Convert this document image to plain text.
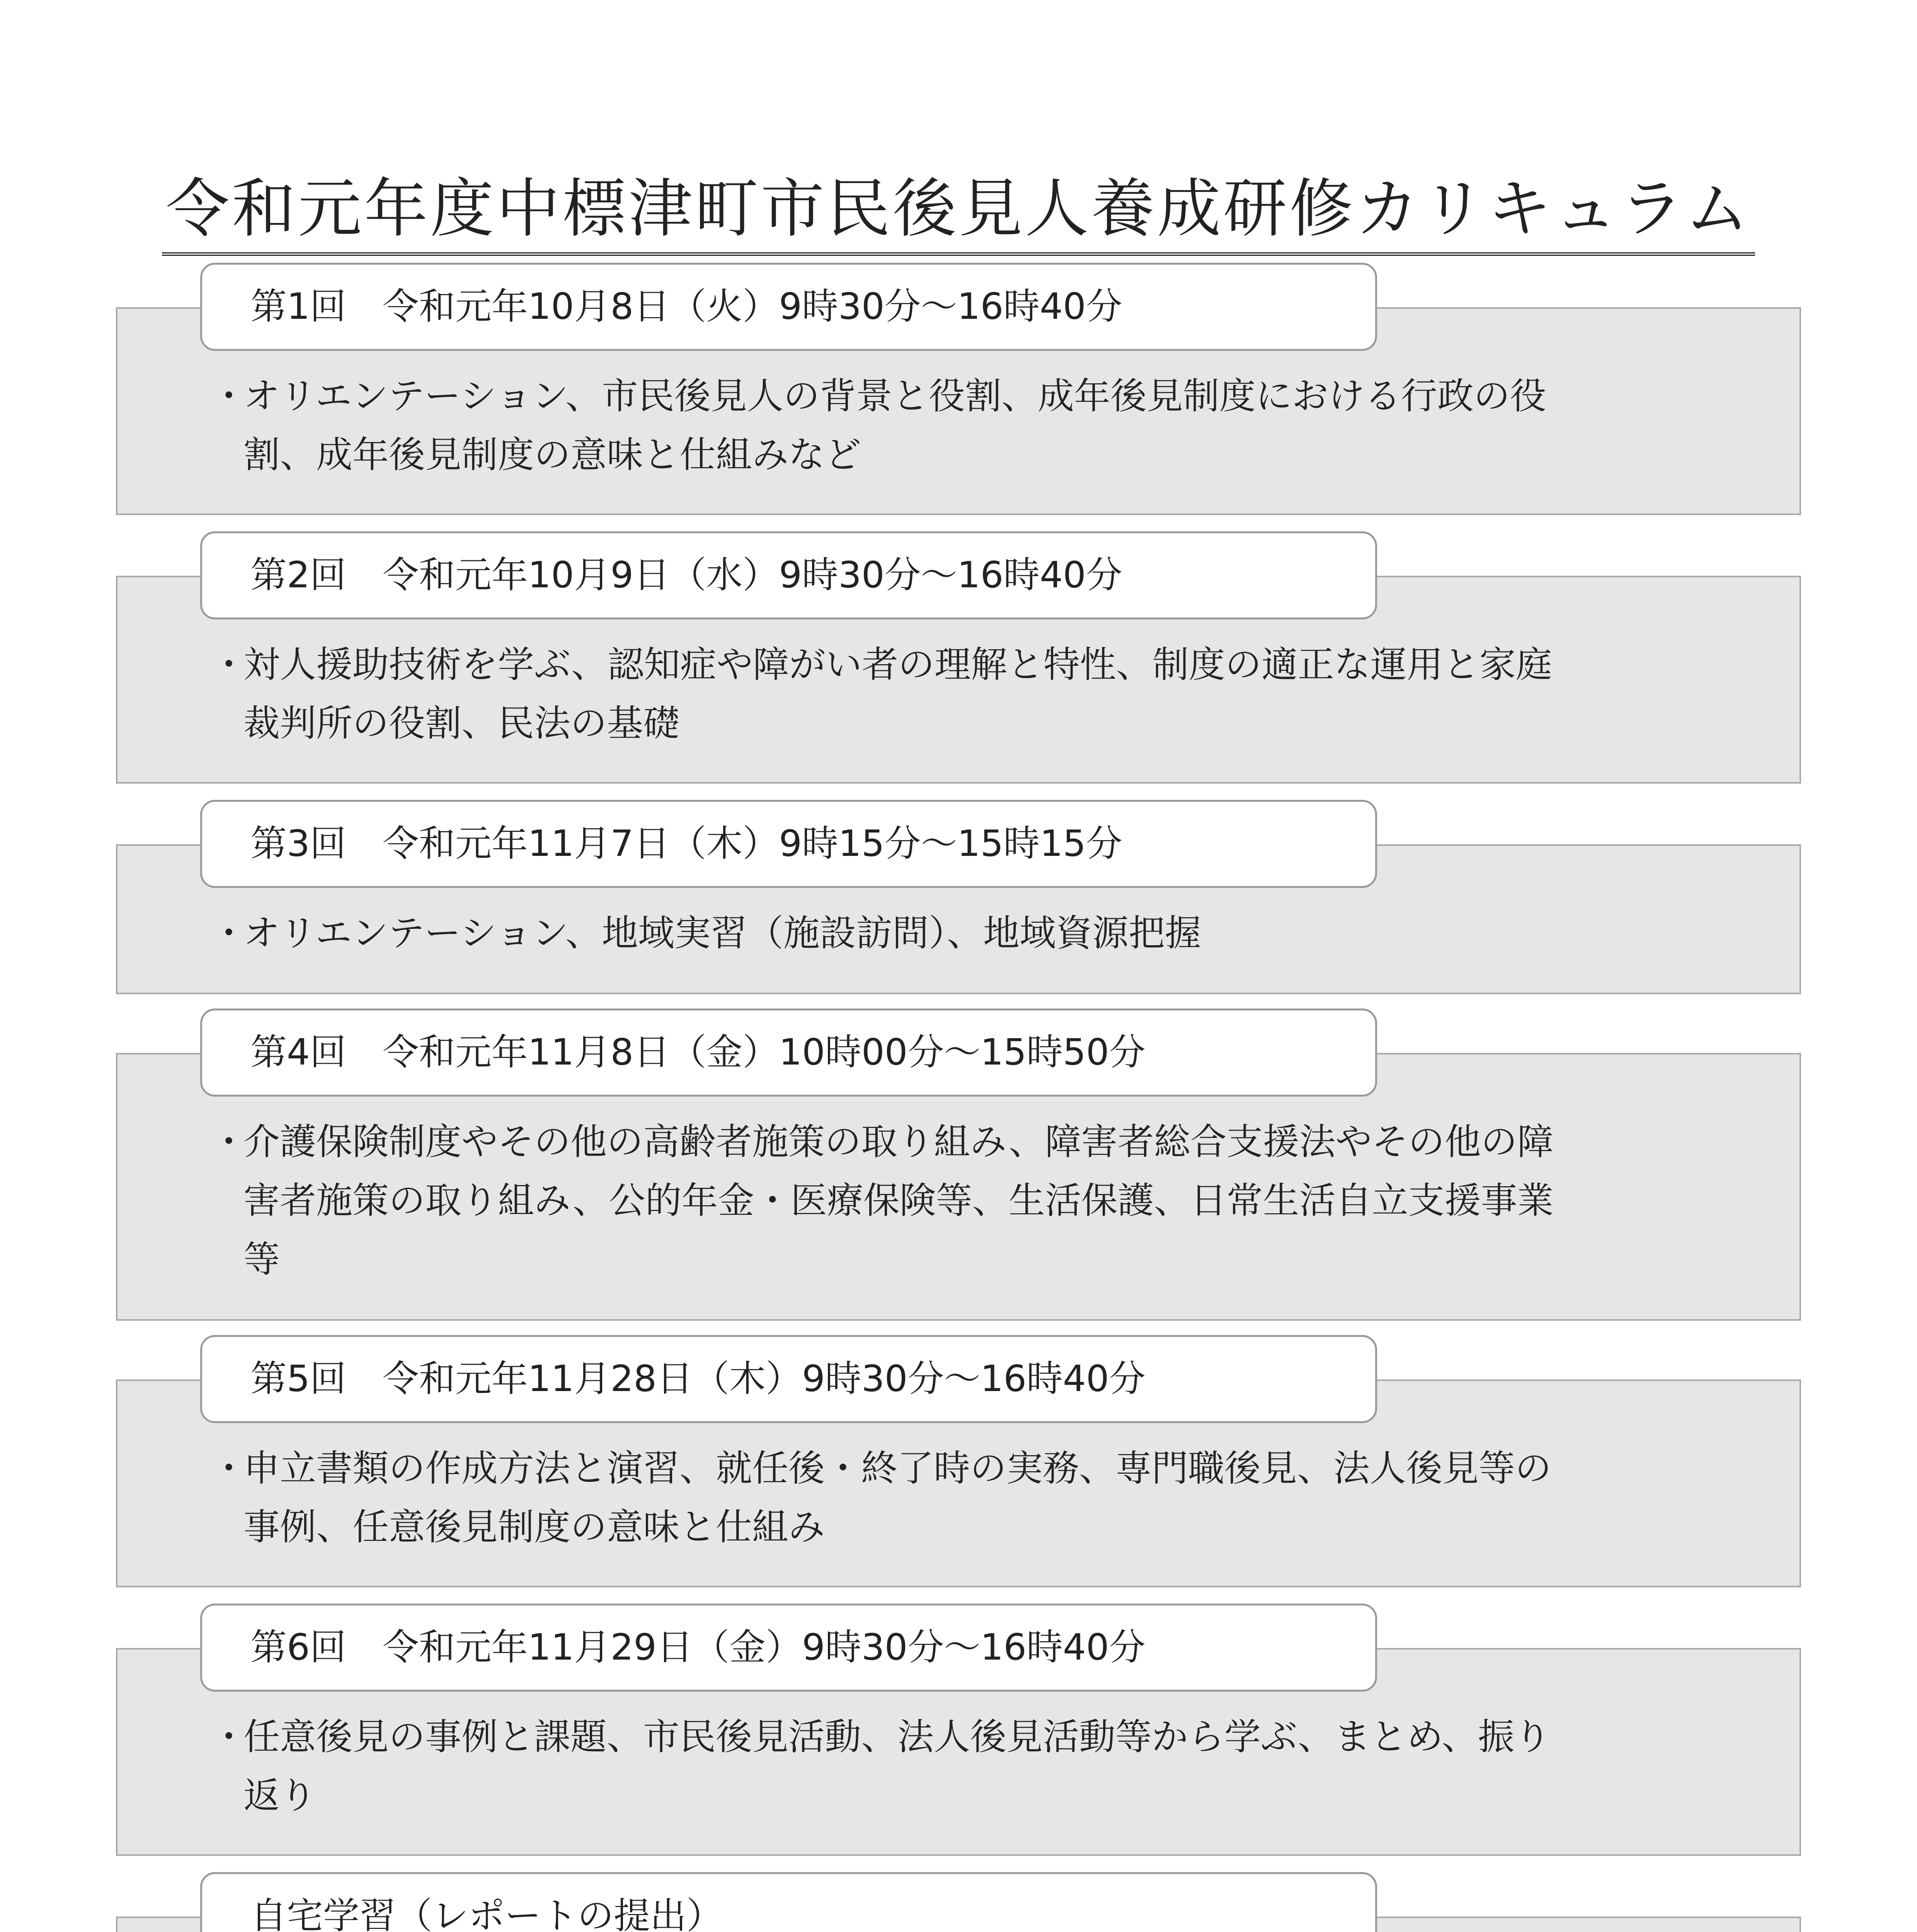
令和元年度中標津町市民後見人養成研修カリキュラム
第1回　令和元年10月8日（火）9時30分～16時40分
・
オリエンテーション、市民後見人の背景と役割、成年後見制度における行政の役
割、成年後見制度の意味と仕組みなど
第2回　令和元年10月9日（水）9時30分～16時40分
・
対人援助技術を学ぶ、認知症や障がい者の理解と特性、制度の適正な運用と家庭
裁判所の役割、民法の基礎
第3回　令和元年11月7日（木）9時15分～15時15分
・
オリエンテーション、地域実習（施設訪問）、地域資源把握
第4回　令和元年11月8日（金）10時00分～15時50分
・
介護保険制度やその他の高齢者施策の取り組み、障害者総合支援法やその他の障
害者施策の取り組み、公的年金・医療保険等、生活保護、日常生活自立支援事業
等
第5回　令和元年11月28日（木）9時30分～16時40分
・
申立書類の作成方法と演習、就任後・終了時の実務、専門職後見、法人後見等の
事例、任意後見制度の意味と仕組み
第6回　令和元年11月29日（金）9時30分～16時40分
・
任意後見の事例と課題、市民後見活動、法人後見活動等から学ぶ、まとめ、振り
返り
自宅学習（レポートの提出）
